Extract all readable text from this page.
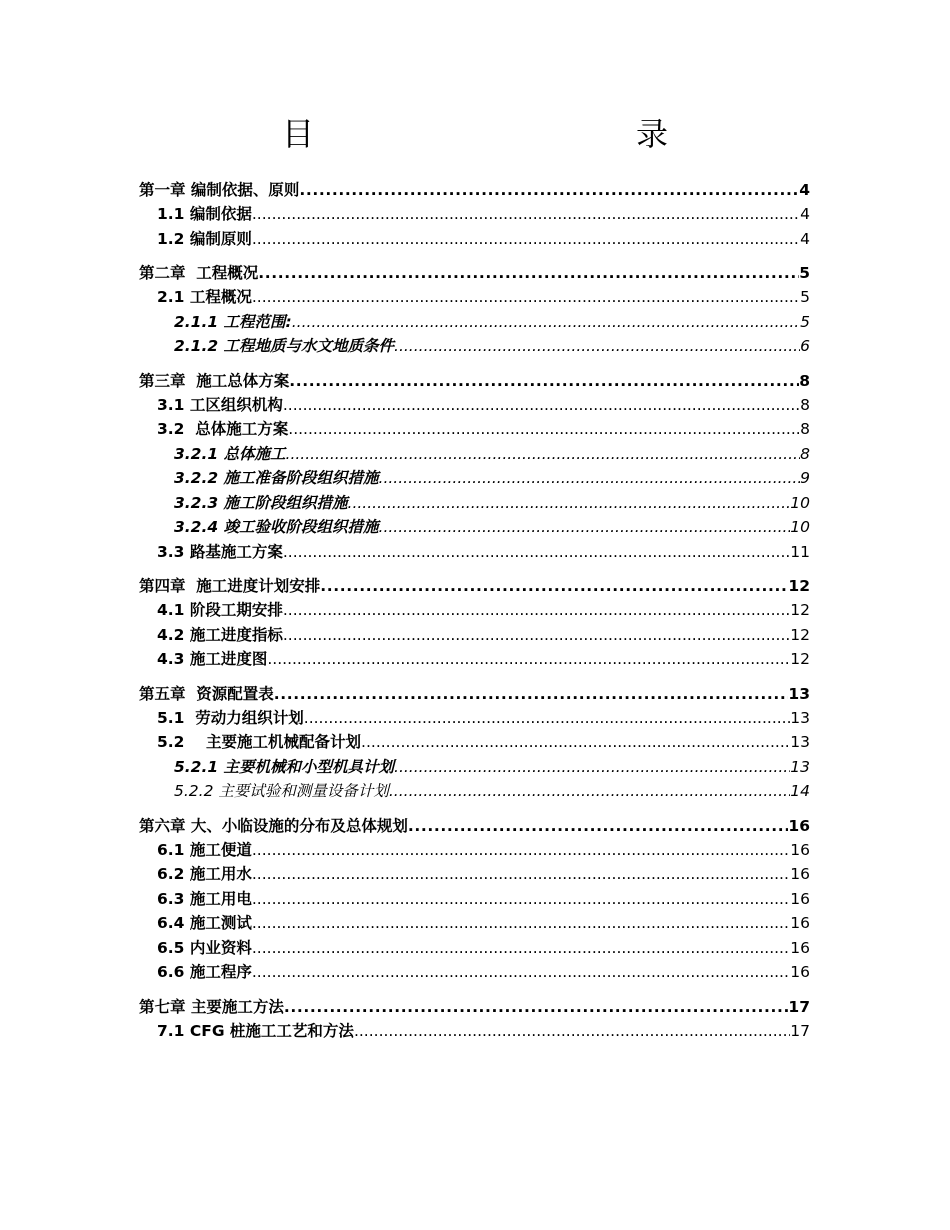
目　　录
第一章 编制依据、原则 .....	4
1.1 编制依据 .....	4
1.2 编制原则 .....	4
第二章  工程概况 .....	5
2.1 工程概况 .....	5
2.1.1 工程范围: .....	5
2.1.2 工程地质与水文地质条件 .....	6
第三章  施工总体方案 .....	8
3.1 工区组织机构 .....	8
3.2  总体施工方案 .....	8
3.2.1 总体施工 .....	8
3.2.2 施工准备阶段组织措施 .....	9
3.2.3 施工阶段组织措施 .....	10
3.2.4 竣工验收阶段组织措施 .....	10
3.3 路基施工方案 .....	11
第四章  施工进度计划安排 .....	12
4.1 阶段工期安排 .....	12
4.2 施工进度指标 .....	12
4.3 施工进度图 .....	12
第五章  资源配置表 .....	13
5.1  劳动力组织计划 .....	13
5.2    主要施工机械配备计划 .....	13
5.2.1 主要机械和小型机具计划 .....	13
5.2.2 主要试验和测量设备计划 .....	14
第六章 大、小临设施的分布及总体规划 .....	16
6.1 施工便道 .....	16
6.2 施工用水 .....	16
6.3 施工用电 .....	16
6.4 施工测试 .....	16
6.5 内业资料 .....	16
6.6 施工程序 .....	16
第七章 主要施工方法 .....	17
7.1 CFG 桩施工工艺和方法 .....	17
